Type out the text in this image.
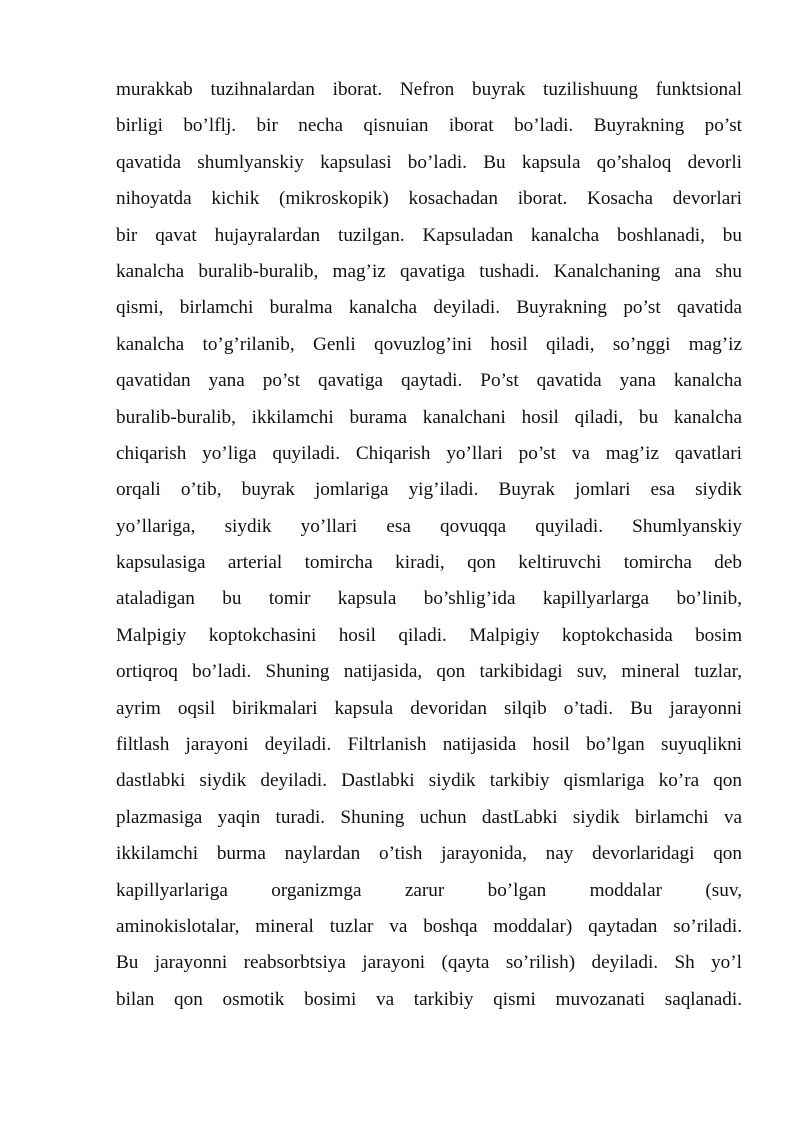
murakkab tuzihnalardan iborat. Nefron buyrak tuzilishuung funktsional
birligi bo’lflj. bir necha qisnuian iborat bo’ladi. Buyrakning po’st
qavatida shumlyanskiy kapsulasi bo’ladi. Bu kapsula qo’shaloq devorli
nihoyatda kichik (mikroskopik) kosachadan iborat. Kosacha devorlari
bir qavat hujayralardan tuzilgan. Kapsuladan kanalcha boshlanadi, bu
kanalcha buralib-buralib, mag’iz qavatiga tushadi. Kanalchaning ana shu
qismi, birlamchi buralma kanalcha deyiladi. Buyrakning po’st qavatida
kanalcha to’g’rilanib, Genli qovuzlog’ini hosil qiladi, so’nggi mag’iz
qavatidan yana po’st qavatiga qaytadi. Po’st qavatida yana kanalcha
buralib-buralib, ikkilamchi burama kanalchani hosil qiladi, bu kanalcha
chiqarish yo’liga quyiladi. Chiqarish yo’llari po’st va mag’iz qavatlari
orqali o’tib, buyrak jomlariga yig’iladi. Buyrak jomlari esa siydik
yo’llariga, siydik yo’llari esa qovuqqa quyiladi. Shumlyanskiy
kapsulasiga arterial tomircha kiradi, qon keltiruvchi tomircha deb
ataladigan bu tomir kapsula bo’shlig’ida kapillyarlarga bo’linib,
Malpigiy koptokchasini hosil qiladi. Malpigiy koptokchasida bosim
ortiqroq bo’ladi. Shuning natijasida, qon tarkibidagi suv, mineral tuzlar,
ayrim oqsil birikmalari kapsula devoridan silqib o’tadi. Bu jarayonni
filtlash jarayoni deyiladi. Filtrlanish natijasida hosil bo’lgan suyuqlikni
dastlabki siydik deyiladi. Dastlabki siydik tarkibiy qismlariga ko’ra qon
plazmasiga yaqin turadi. Shuning uchun dastLabki siydik birlamchi va
ikkilamchi burma naylardan o’tish jarayonida, nay devorlaridagi qon
kapillyarlariga organizmga zarur bo’lgan moddalar (suv,
aminokislotalar, mineral tuzlar va boshqa moddalar) qaytadan so’riladi.
Bu jarayonni reabsorbtsiya jarayoni (qayta so’rilish) deyiladi. Sh yo’l
bilan qon osmotik bosimi va tarkibiy qismi muvozanati saqlanadi.
